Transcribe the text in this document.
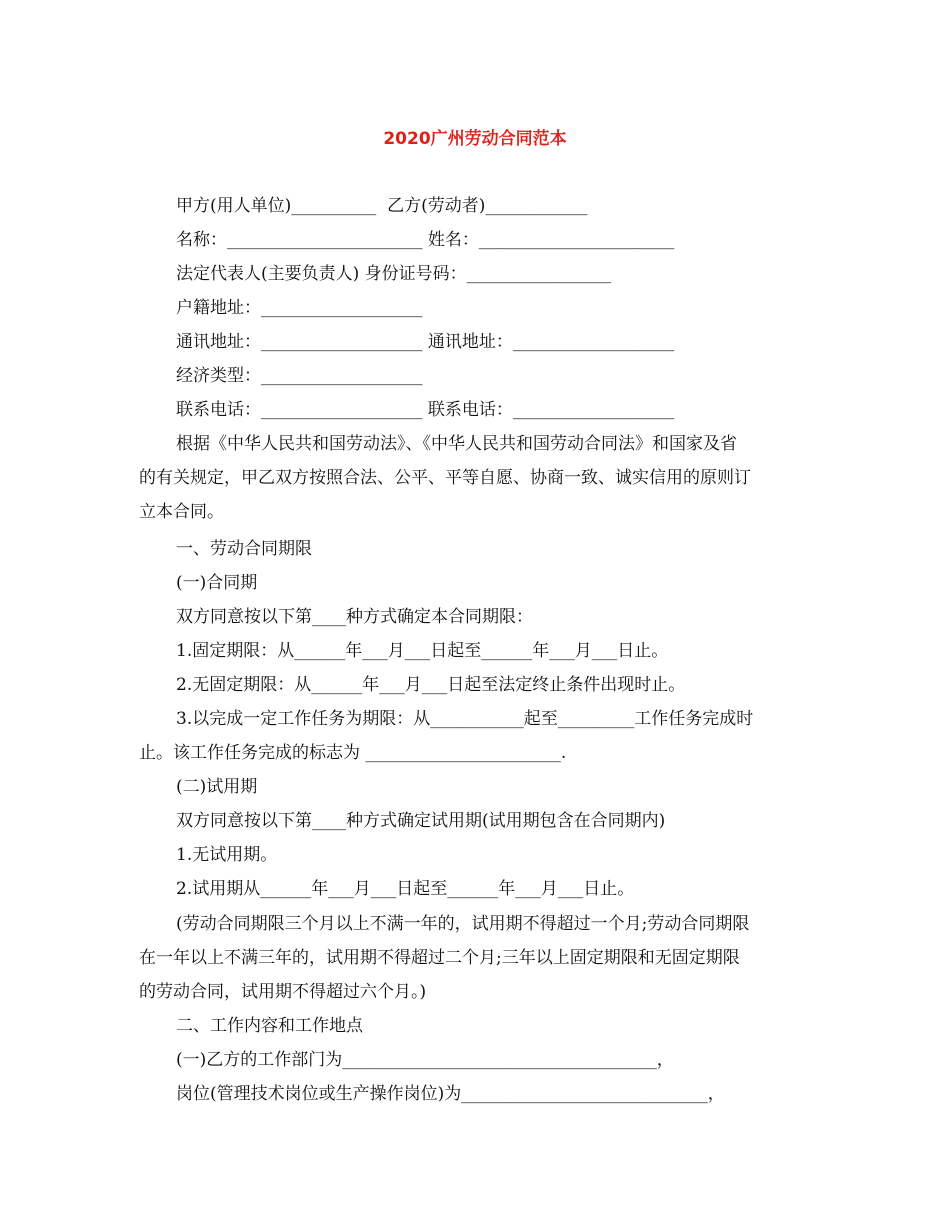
2020广州劳动合同范本
甲方(用人单位)__________  乙方(劳动者)____________
名称：_______________________ 姓名：_______________________
法定代表人(主要负责人) 身份证号码：_________________
户籍地址：___________________
通讯地址：___________________ 通讯地址：___________________
经济类型：___________________
联系电话：___________________ 联系电话：___________________
根据《中华人民共和国劳动法》、《中华人民共和国劳动合同法》和国家及省
的有关规定，甲乙双方按照合法、公平、平等自愿、协商一致、诚实信用的原则订
立本合同。
一、劳动合同期限
(一)合同期
双方同意按以下第____种方式确定本合同期限：
1.固定期限：从______年___月___日起至______年___月___日止。
2.无固定期限：从______年___月___日起至法定终止条件出现时止。
3.以完成一定工作任务为期限：从___________起至_________工作任务完成时
止。该工作任务完成的标志为 _______________________.
(二)试用期
双方同意按以下第____种方式确定试用期(试用期包含在合同期内)
1.无试用期。
2.试用期从______年___月___日起至______年___月___日止。
(劳动合同期限三个月以上不满一年的，试用期不得超过一个月;劳动合同期限
在一年以上不满三年的，试用期不得超过二个月;三年以上固定期限和无固定期限
的劳动合同，试用期不得超过六个月。)
二、工作内容和工作地点
(一)乙方的工作部门为_____________________________________，
岗位(管理技术岗位或生产操作岗位)为_____________________________，
